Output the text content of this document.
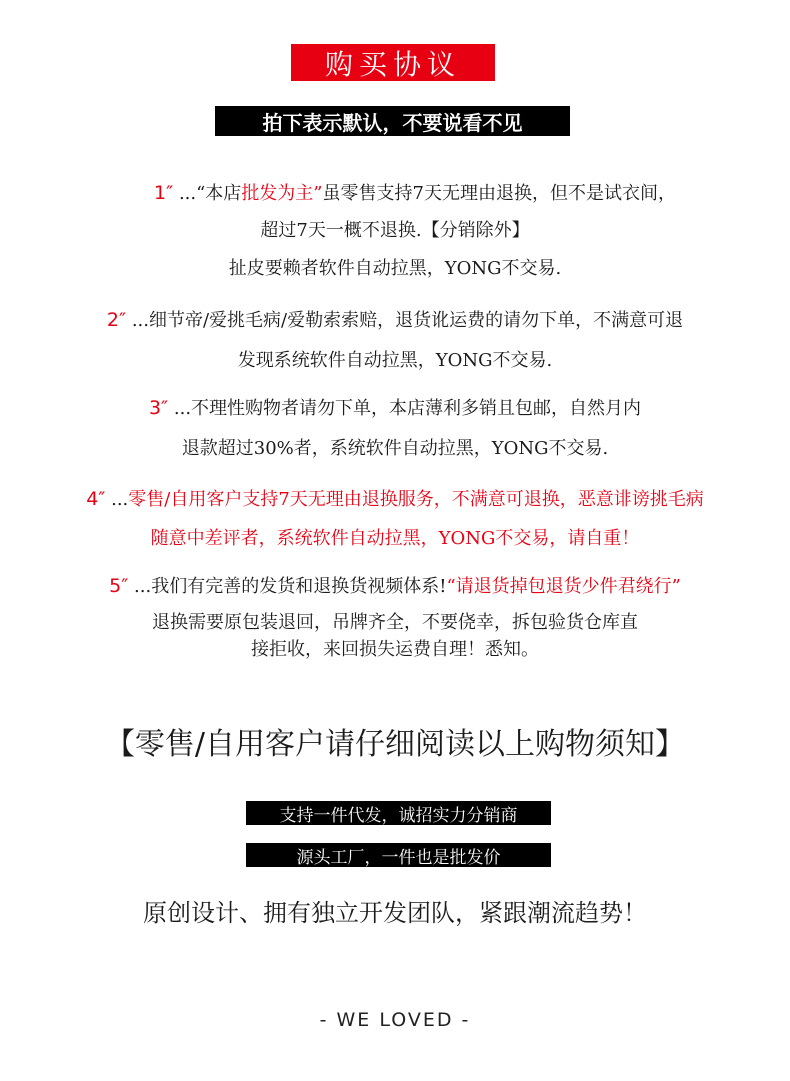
购买协议
拍下表示默认，不要说看不见
1″ ...“本店批发为主”虽零售支持7天无理由退换，但不是试衣间，
超过7天一概不退换.【分销除外】
扯皮要赖者软件自动拉黑，YONG不交易.
2″ ...细节帝/爱挑毛病/爱勒索索赔，退货讹运费的请勿下单，不满意可退
发现系统软件自动拉黑，YONG不交易.
3″ ...不理性购物者请勿下单，本店薄利多销且包邮，自然月内
退款超过30%者，系统软件自动拉黑，YONG不交易.
4″ ...零售/自用客户支持7天无理由退换服务，不满意可退换，恶意诽谤挑毛病
随意中差评者，系统软件自动拉黑，YONG不交易，请自重！
5″ ...我们有完善的发货和退换货视频体系!“请退货掉包退货少件君绕行”
退换需要原包装退回，吊牌齐全，不要侥幸，拆包验货仓库直
接拒收，来回损失运费自理！悉知。
【零售/自用客户请仔细阅读以上购物须知】
支持一件代发，诚招实力分销商
源头工厂，一件也是批发价
原创设计、拥有独立开发团队，紧跟潮流趋势！
- WE LOVED -
